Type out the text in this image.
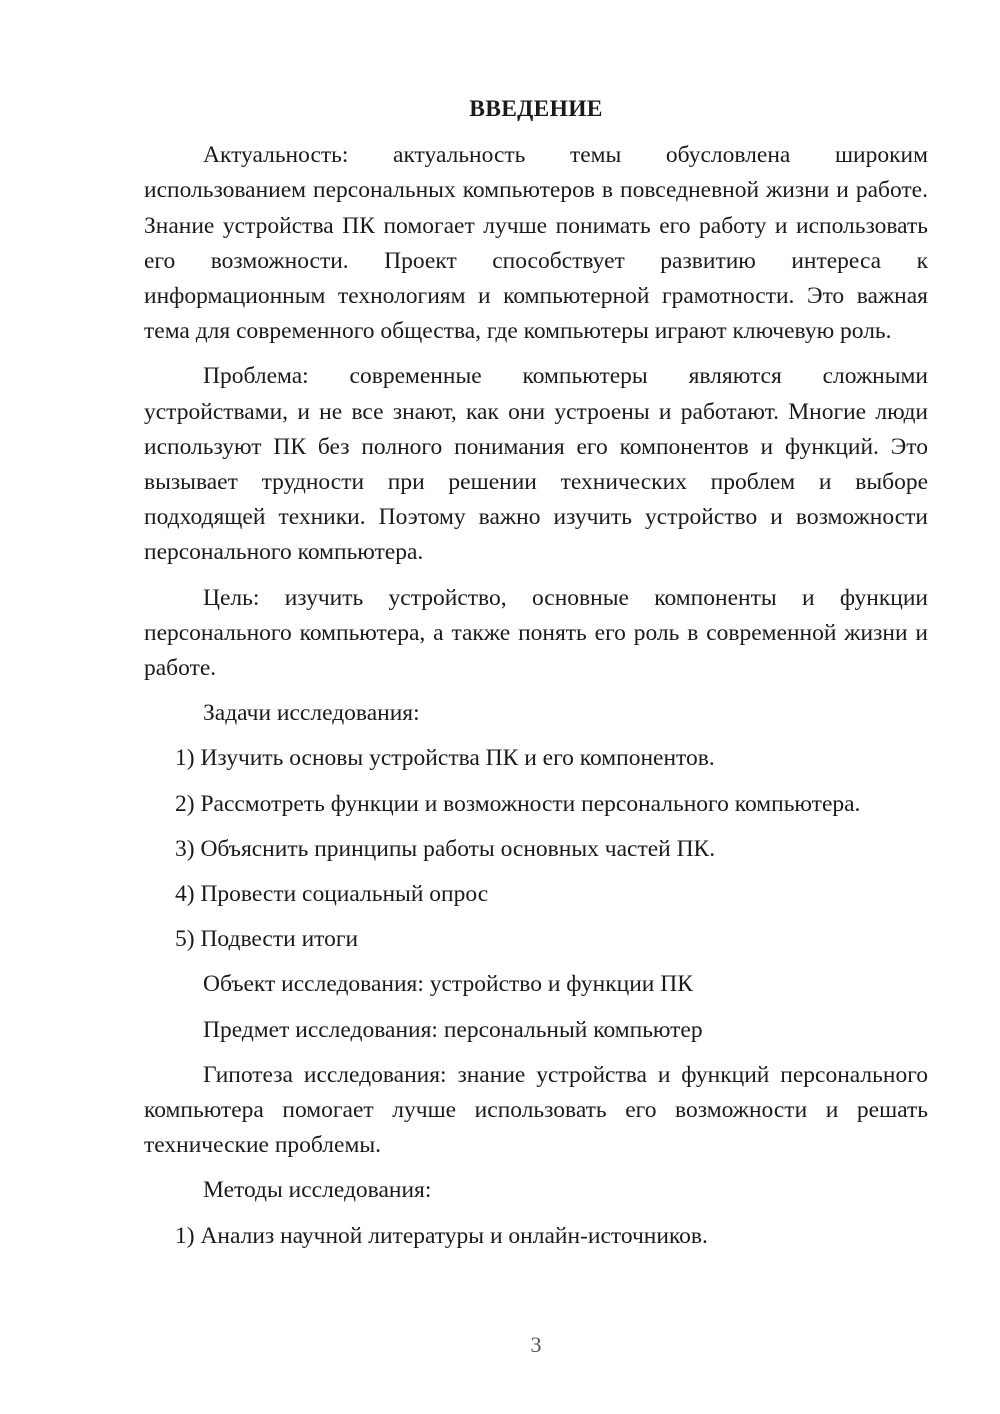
ВВЕДЕНИЕ

Актуальность: актуальность темы обусловлена широким использованием персональных компьютеров в повседневной жизни и работе. Знание устройства ПК помогает лучше понимать его работу и использовать его возможности. Проект способствует развитию интереса к информационным технологиям и компьютерной грамотности. Это важная тема для современного общества, где компьютеры играют ключевую роль.

Проблема: современные компьютеры являются сложными устройствами, и не все знают, как они устроены и работают. Многие люди используют ПК без полного понимания его компонентов и функций. Это вызывает трудности при решении технических проблем и выборе подходящей техники. Поэтому важно изучить устройство и возможности персонального компьютера.

Цель: изучить устройство, основные компоненты и функции персонального компьютера, а также понять его роль в современной жизни и работе.

Задачи исследования:
1) Изучить основы устройства ПК и его компонентов.
2) Рассмотреть функции и возможности персонального компьютера.
3) Объяснить принципы работы основных частей ПК.
4) Провести социальный опрос
5) Подвести итоги
Объект исследования: устройство и функции ПК
Предмет исследования: персональный компьютер

Гипотеза исследования: знание устройства и функций персонального компьютера помогает лучше использовать его возможности и решать технические проблемы.

Методы исследования:
1) Анализ научной литературы и онлайн-источников.
3
